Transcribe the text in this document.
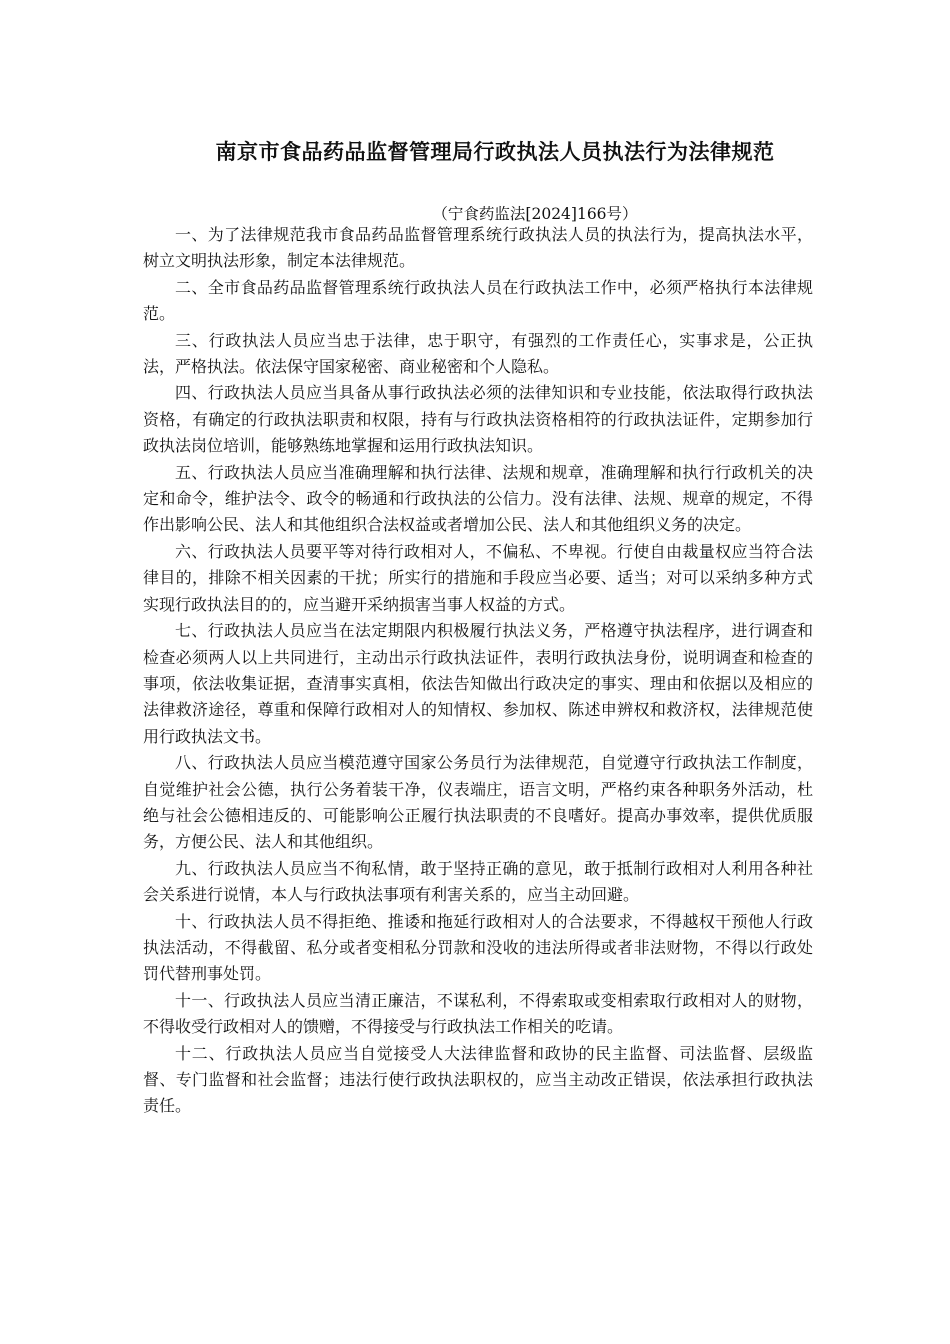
南京市食品药品监督管理局行政执法人员执法行为法律规范
（宁食药监法[2024]166号）

一、为了法律规范我市食品药品监督管理系统行政执法人员的执法行为，提高执法水平，树立文明执法形象，制定本法律规范。

二、全市食品药品监督管理系统行政执法人员在行政执法工作中，必须严格执行本法律规范。

三、行政执法人员应当忠于法律，忠于职守，有强烈的工作责任心，实事求是，公正执法，严格执法。依法保守国家秘密、商业秘密和个人隐私。

四、行政执法人员应当具备从事行政执法必须的法律知识和专业技能，依法取得行政执法资格，有确定的行政执法职责和权限，持有与行政执法资格相符的行政执法证件，定期参加行政执法岗位培训，能够熟练地掌握和运用行政执法知识。

五、行政执法人员应当准确理解和执行法律、法规和规章，准确理解和执行行政机关的决定和命令，维护法令、政令的畅通和行政执法的公信力。没有法律、法规、规章的规定，不得作出影响公民、法人和其他组织合法权益或者增加公民、法人和其他组织义务的决定。

六、行政执法人员要平等对待行政相对人，不偏私、不卑视。行使自由裁量权应当符合法律目的，排除不相关因素的干扰；所实行的措施和手段应当必要、适当；对可以采纳多种方式实现行政执法目的的，应当避开采纳损害当事人权益的方式。

七、行政执法人员应当在法定期限内积极履行执法义务，严格遵守执法程序，进行调查和检查必须两人以上共同进行，主动出示行政执法证件，表明行政执法身份，说明调查和检查的事项，依法收集证据，查清事实真相，依法告知做出行政决定的事实、理由和依据以及相应的法律救济途径，尊重和保障行政相对人的知情权、参加权、陈述申辨权和救济权，法律规范使用行政执法文书。

八、行政执法人员应当模范遵守国家公务员行为法律规范，自觉遵守行政执法工作制度，自觉维护社会公德，执行公务着装干净，仪表端庄，语言文明，严格约束各种职务外活动，杜绝与社会公德相违反的、可能影响公正履行执法职责的不良嗜好。提高办事效率，提供优质服务，方便公民、法人和其他组织。

九、行政执法人员应当不徇私情，敢于坚持正确的意见，敢于抵制行政相对人利用各种社会关系进行说情，本人与行政执法事项有利害关系的，应当主动回避。

十、行政执法人员不得拒绝、推诿和拖延行政相对人的合法要求，不得越权干预他人行政执法活动，不得截留、私分或者变相私分罚款和没收的违法所得或者非法财物，不得以行政处罚代替刑事处罚。

十一、行政执法人员应当清正廉洁，不谋私利，不得索取或变相索取行政相对人的财物，不得收受行政相对人的馈赠，不得接受与行政执法工作相关的吃请。

十二、行政执法人员应当自觉接受人大法律监督和政协的民主监督、司法监督、层级监督、专门监督和社会监督；违法行使行政执法职权的，应当主动改正错误，依法承担行政执法责任。
